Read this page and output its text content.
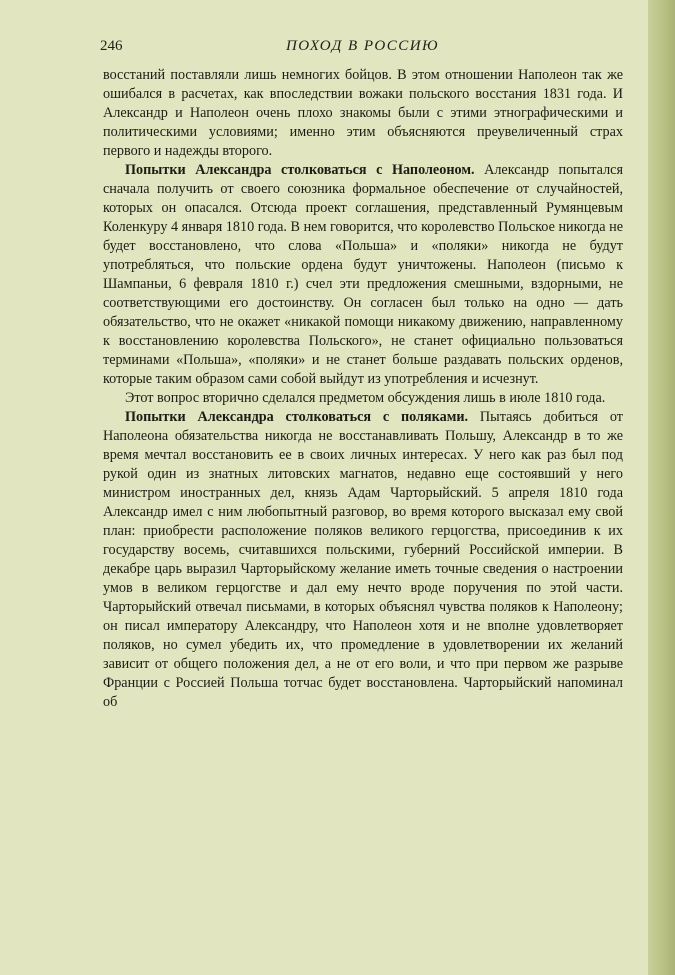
246	ПОХОД В РОССИЮ

восстаний поставляли лишь немногих бойцов. В этом отношении Наполеон так же ошибался в расчетах, как впоследствии вожаки польского восстания 1831 года. И Александр и Наполеон очень плохо знакомы были с этими этнографическими и политическими условиями; именно этим объясняются преувеличенный страх первого и надежды второго.

Попытки Александра столковаться с Наполеоном. Александр попытался сначала получить от своего союзника формальное обеспечение от случайностей, которых он опасался. Отсюда проект соглашения, представленный Румянцевым Коленкуру 4 января 1810 года. В нем говорится, что королевство Польское никогда не будет восстановлено, что слова «Польша» и «поляки» никогда не будут употребляться, что польские ордена будут уничтожены. Наполеон (письмо к Шампаньи, 6 февраля 1810 г.) счел эти предложения смешными, вздорными, не соответствующими его достоинству. Он согласен был только на одно — дать обязательство, что не окажет «никакой помощи никакому движению, направленному к восстановлению королевства Польского», не станет официально пользоваться терминами «Польша», «поляки» и не станет больше раздавать польских орденов, которые таким образом сами собой выйдут из употребления и исчезнут.

Этот вопрос вторично сделался предметом обсуждения лишь в июле 1810 года.

Попытки Александра столковаться с поляками. Пытаясь добиться от Наполеона обязательства никогда не восстанавливать Польшу, Александр в то же время мечтал восстановить ее в своих личных интересах. У него как раз был под рукой один из знатных литовских магнатов, недавно еще состоявший у него министром иностранных дел, князь Адам Чарторыйский. 5 апреля 1810 года Александр имел с ним любопытный разговор, во время которого высказал ему свой план: приобрести расположение поляков великого герцогства, присоединив к их государству восемь, считавшихся польскими, губерний Российской империи. В декабре царь выразил Чарторыйскому желание иметь точные сведения о настроении умов в великом герцогстве и дал ему нечто вроде поручения по этой части. Чарторыйский отвечал письмами, в которых объяснял чувства поляков к Наполеону; он писал императору Александру, что Наполеон хотя и не вполне удовлетворяет поляков, но сумел убедить их, что промедление в удовлетворении их желаний зависит от общего положения дел, а не от его воли, и что при первом же разрыве Франции с Россией Польша тотчас будет восстановлена. Чарторыйский напоминал об
